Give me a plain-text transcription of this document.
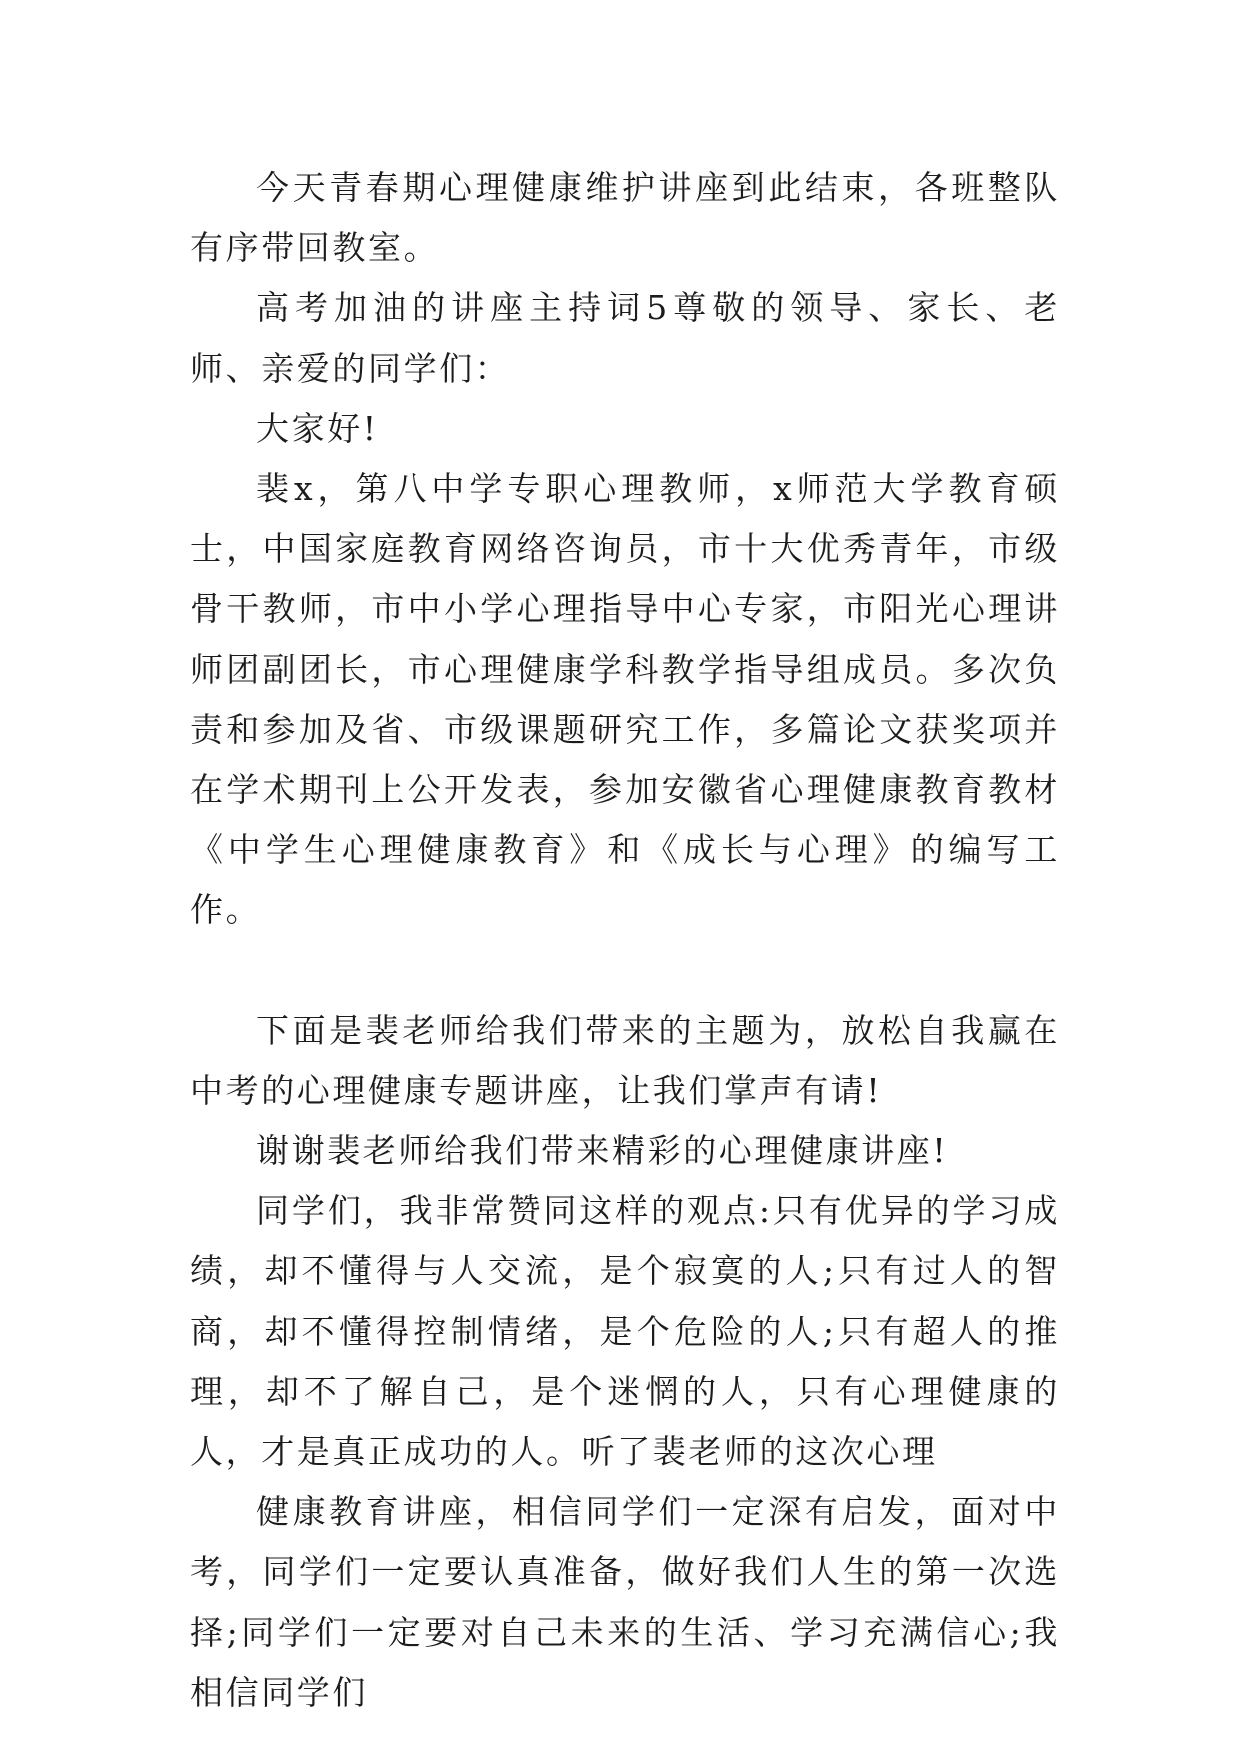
今天青春期心理健康维护讲座到此结束，各班整队有序带回教室。

高考加油的讲座主持词5尊敬的领导、家长、老师、亲爱的同学们：

大家好!

裴x，第八中学专职心理教师，x师范大学教育硕士，中国家庭教育网络咨询员，市十大优秀青年，市级骨干教师，市中小学心理指导中心专家，市阳光心理讲师团副团长，市心理健康学科教学指导组成员。多次负责和参加及省、市级课题研究工作，多篇论文获奖项并在学术期刊上公开发表，参加安徽省心理健康教育教材《中学生心理健康教育》和《成长与心理》的编写工作。

下面是裴老师给我们带来的主题为，放松自我赢在中考的心理健康专题讲座，让我们掌声有请!

谢谢裴老师给我们带来精彩的心理健康讲座!

同学们，我非常赞同这样的观点:只有优异的学习成绩，却不懂得与人交流，是个寂寞的人;只有过人的智商，却不懂得控制情绪，是个危险的人;只有超人的推理，却不了解自己，是个迷惘的人，只有心理健康的人，才是真正成功的人。听了裴老师的这次心理

健康教育讲座，相信同学们一定深有启发，面对中考，同学们一定要认真准备，做好我们人生的第一次选择;同学们一定要对自己未来的生活、学习充满信心;我相信同学们
